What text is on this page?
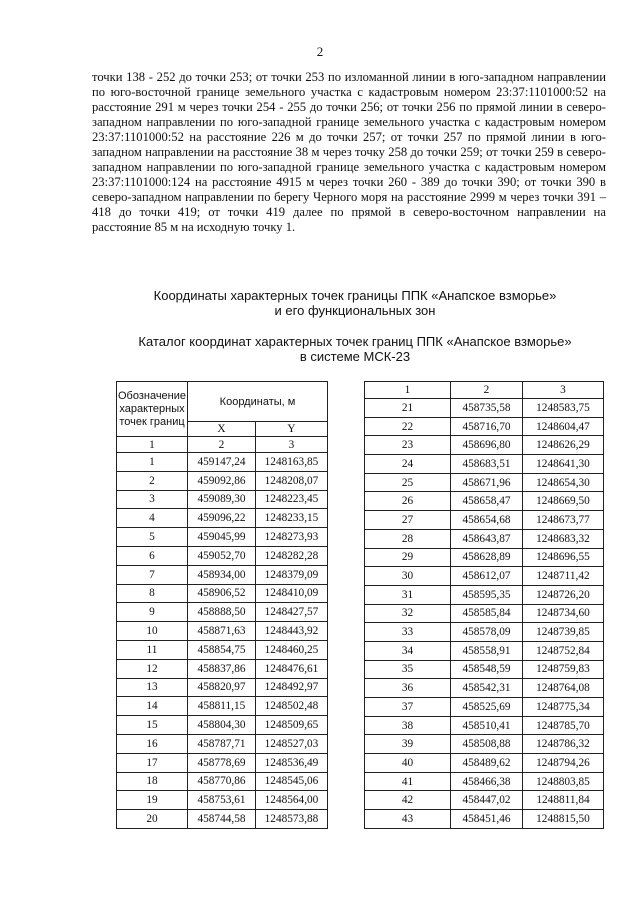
2
точки 138 - 252 до точки 253; от точки 253 по изломанной линии в юго-западном направлении по юго-восточной границе земельного участка с кадастровым номером 23:37:1101000:52 на расстояние 291 м через точки 254 - 255 до точки 256; от точки 256 по прямой линии в северо-западном направлении по юго-западной границе земельного участка с кадастровым номером 23:37:1101000:52 на расстояние 226 м до точки 257; от точки 257 по прямой линии в юго-западном направлении на расстояние 38 м через точку 258 до точки 259; от точки 259 в северо-западном направлении по юго-западной границе земельного участка с кадастровым номером 23:37:1101000:124 на расстояние 4915 м через точки 260 - 389 до точки 390; от точки 390 в северо-западном направлении по берегу Черного моря на расстояние 2999 м через точки 391 – 418 до точки 419; от точки 419 далее по прямой в северо-восточном направлении на расстояние 85 м на исходную точку 1.
Координаты характерных точек границы ППК «Анапское взморье»
и его функциональных зон
Каталог координат характерных точек границ ППК «Анапское взморье»
в системе МСК-23
Обозначение характерных точек границ	Координаты, м	
	X	Y
1	2	3
1	459147,24	1248163,85
2	459092,86	1248208,07
3	459089,30	1248223,45
4	459096,22	1248233,15
5	459045,99	1248273,93
6	459052,70	1248282,28
7	458934,00	1248379,09
8	458906,52	1248410,09
9	458888,50	1248427,57
10	458871,63	1248443,92
11	458854,75	1248460,25
12	458837,86	1248476,61
13	458820,97	1248492,97
14	458811,15	1248502,48
15	458804,30	1248509,65
16	458787,71	1248527,03
17	458778,69	1248536,49
18	458770,86	1248545,06
19	458753,61	1248564,00
20	458744,58	1248573,88
1	2	3
21	458735,58	1248583,75
22	458716,70	1248604,47
23	458696,80	1248626,29
24	458683,51	1248641,30
25	458671,96	1248654,30
26	458658,47	1248669,50
27	458654,68	1248673,77
28	458643,87	1248683,32
29	458628,89	1248696,55
30	458612,07	1248711,42
31	458595,35	1248726,20
32	458585,84	1248734,60
33	458578,09	1248739,85
34	458558,91	1248752,84
35	458548,59	1248759,83
36	458542,31	1248764,08
37	458525,69	1248775,34
38	458510,41	1248785,70
39	458508,88	1248786,32
40	458489,62	1248794,26
41	458466,38	1248803,85
42	458447,02	1248811,84
43	458451,46	1248815,50
